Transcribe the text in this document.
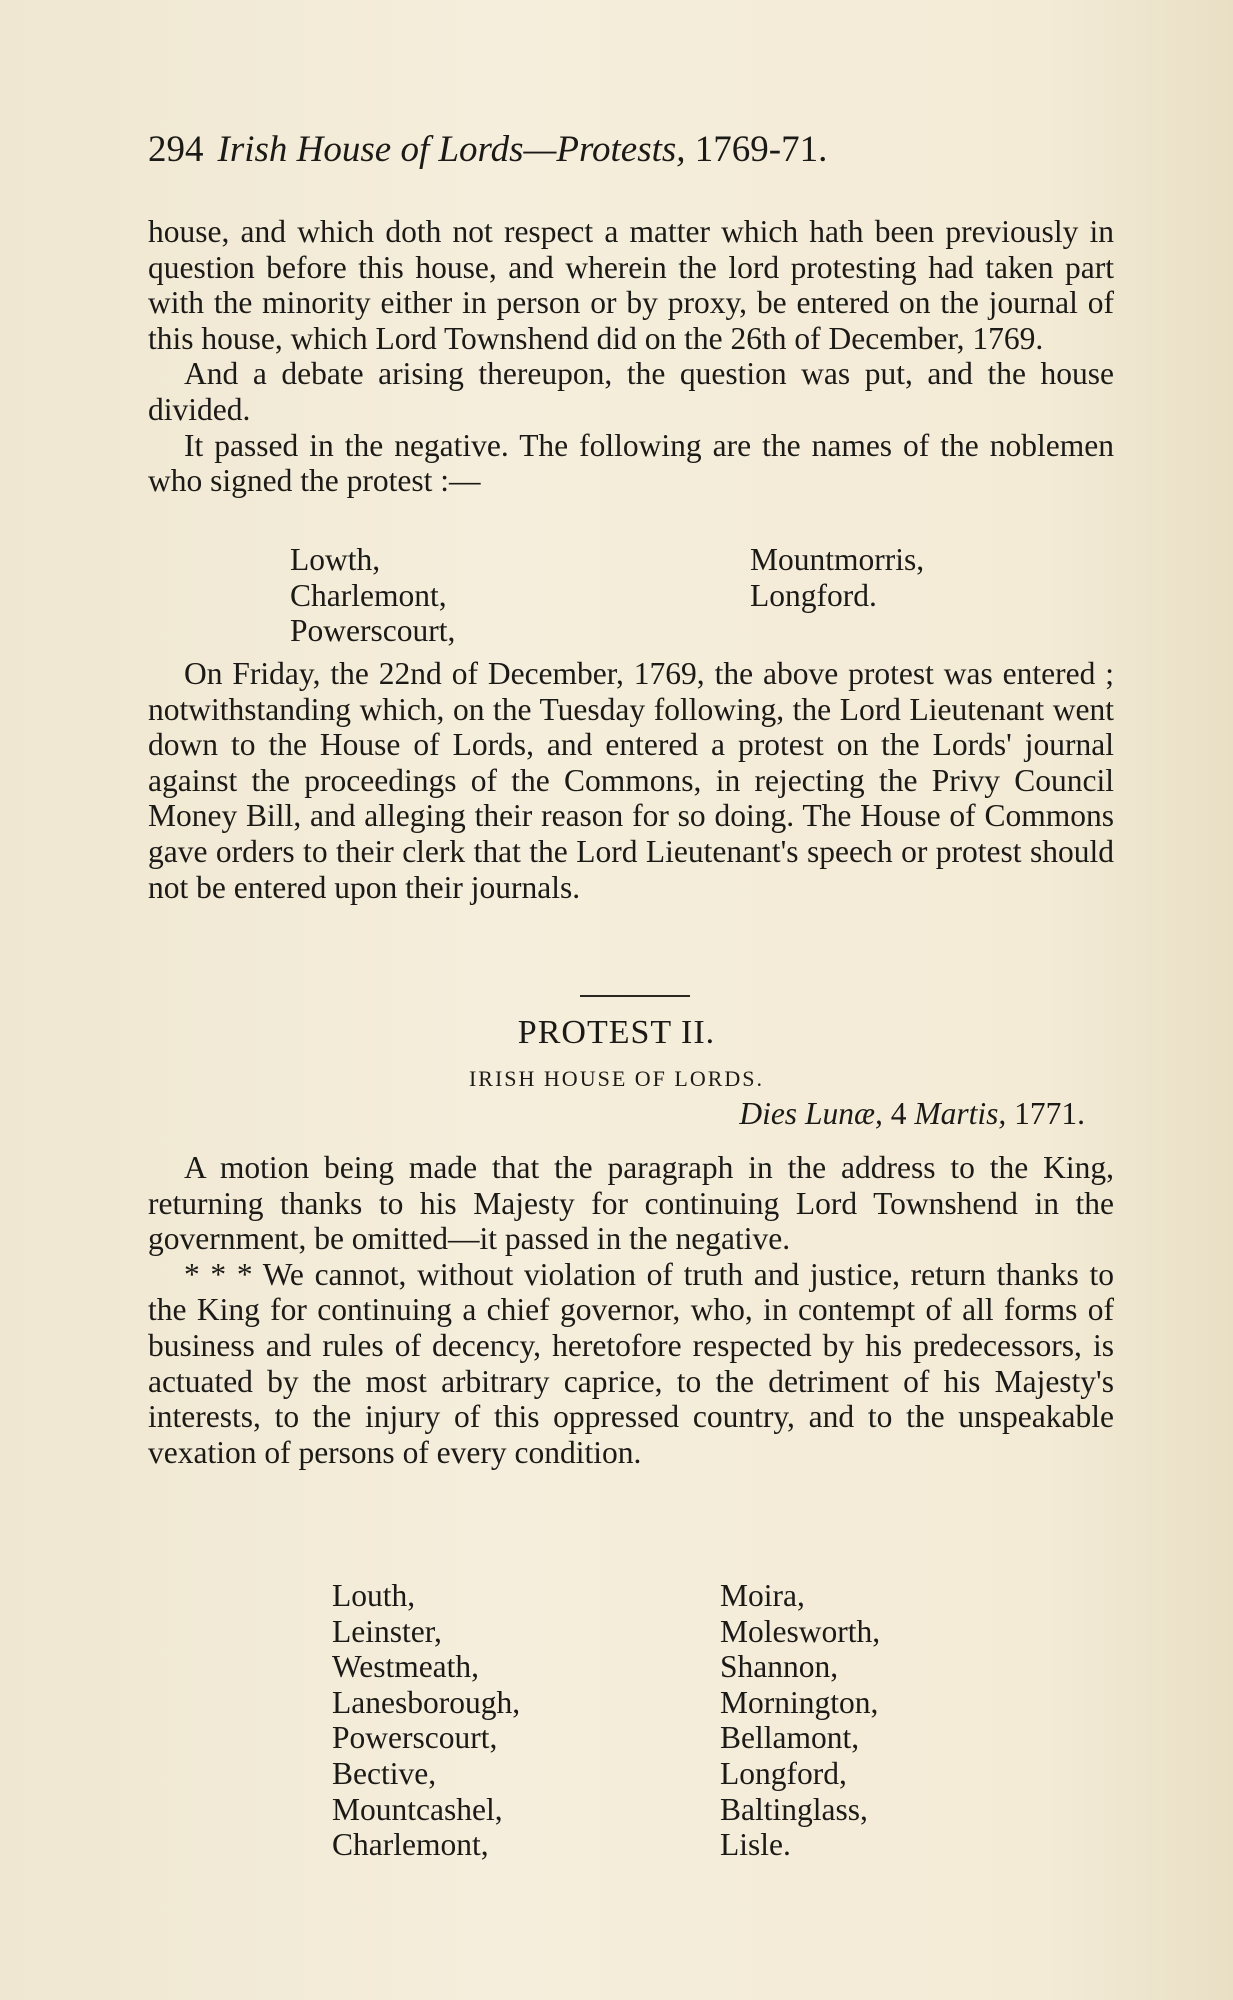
294 Irish House of Lords—Protests, 1769-71.

house, and which doth not respect a matter which hath been previously in question before this house, and wherein the lord protesting had taken part with the minority either in person or by proxy, be entered on the journal of this house, which Lord Townshend did on the 26th of December, 1769.

And a debate arising thereupon, the question was put, and the house divided.

It passed in the negative. The following are the names of the noblemen who signed the protest :—

Lowth,
Charlemont,
Powerscourt,
Mountmorris,
Longford.

On Friday, the 22nd of December, 1769, the above protest was entered ; notwithstanding which, on the Tuesday following, the Lord Lieutenant went down to the House of Lords, and entered a protest on the Lords' journal against the proceedings of the Commons, in rejecting the Privy Council Money Bill, and alleging their reason for so doing. The House of Commons gave orders to their clerk that the Lord Lieutenant's speech or protest should not be entered upon their journals.

PROTEST II.
IRISH HOUSE OF LORDS.
Dies Lunæ, 4 Martis, 1771.

A motion being made that the paragraph in the address to the King, returning thanks to his Majesty for continuing Lord Townshend in the government, be omitted—it passed in the negative.

* * * We cannot, without violation of truth and justice, return thanks to the King for continuing a chief governor, who, in contempt of all forms of business and rules of decency, heretofore respected by his predecessors, is actuated by the most arbitrary caprice, to the detriment of his Majesty's interests, to the injury of this oppressed country, and to the unspeakable vexation of persons of every condition.

Louth,
Leinster,
Westmeath,
Lanesborough,
Powerscourt,
Bective,
Mountcashel,
Charlemont,
Moira,
Molesworth,
Shannon,
Mornington,
Bellamont,
Longford,
Baltinglass,
Lisle.
